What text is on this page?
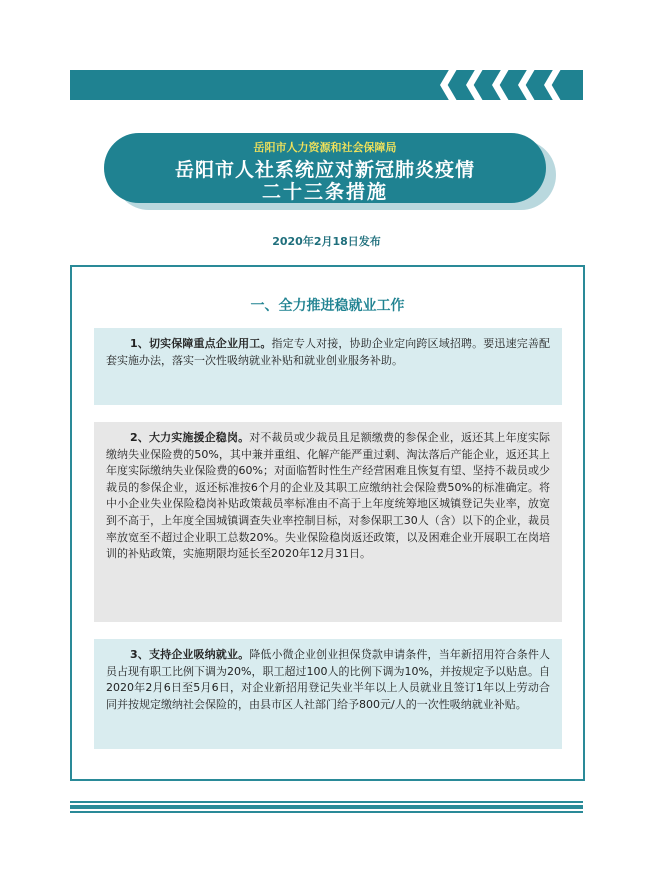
岳阳市人力资源和社会保障局
岳阳市人社系统应对新冠肺炎疫情
二十三条措施
2020年2月18日发布
一、全力推进稳就业工作
1、切实保障重点企业用工。指定专人对接，协助企业定向跨区域招聘。要迅速完善配套实施办法，落实一次性吸纳就业补贴和就业创业服务补助。
2、大力实施援企稳岗。对不裁员或少裁员且足额缴费的参保企业，返还其上年度实际缴纳失业保险费的50%，其中兼并重组、化解产能严重过剩、淘汰落后产能企业，返还其上年度实际缴纳失业保险费的60%；对面临暂时性生产经营困难且恢复有望、坚持不裁员或少裁员的参保企业，返还标准按6个月的企业及其职工应缴纳社会保险费50%的标准确定。将中小企业失业保险稳岗补贴政策裁员率标准由不高于上年度统筹地区城镇登记失业率，放宽到不高于，上年度全国城镇调查失业率控制目标，对参保职工30人（含）以下的企业，裁员率放宽至不超过企业职工总数20%。失业保险稳岗返还政策，以及困难企业开展职工在岗培训的补贴政策，实施期限均延长至2020年12月31日。
3、支持企业吸纳就业。降低小微企业创业担保贷款申请条件，当年新招用符合条件人员占现有职工比例下调为20%，职工超过100人的比例下调为10%，并按规定予以贴息。自2020年2月6日至5月6日，对企业新招用登记失业半年以上人员就业且签订1年以上劳动合同并按规定缴纳社会保险的，由县市区人社部门给予800元/人的一次性吸纳就业补贴。
